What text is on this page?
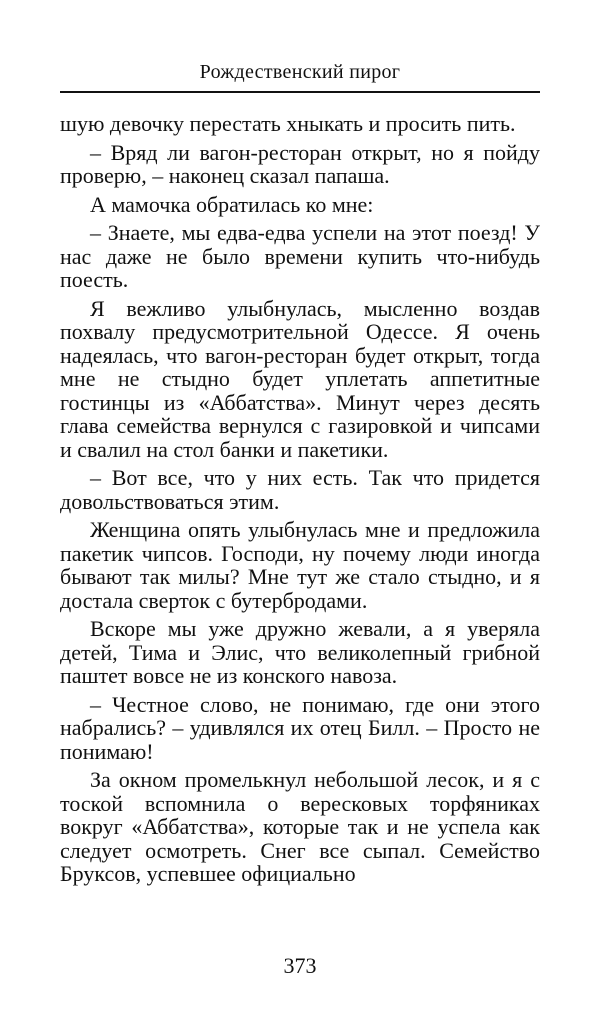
Рождественский пирог

шую девочку перестать хныкать и просить пить.

– Вряд ли вагон-ресторан открыт, но я пойду проверю, – наконец сказал папаша.

А мамочка обратилась ко мне:

– Знаете, мы едва-едва успели на этот поезд! У нас даже не было времени купить что-нибудь поесть.

Я вежливо улыбнулась, мысленно воздав похвалу предусмотрительной Одессе. Я очень надеялась, что вагон-ресторан будет открыт, тогда мне не стыдно будет уплетать аппетитные гостинцы из «Аббатства». Минут через десять глава семейства вернулся с газировкой и чипсами и свалил на стол банки и пакетики.

– Вот все, что у них есть. Так что придется довольствоваться этим.

Женщина опять улыбнулась мне и предложила пакетик чипсов. Господи, ну почему люди иногда бывают так милы? Мне тут же стало стыдно, и я достала сверток с бутербродами.

Вскоре мы уже дружно жевали, а я уверяла детей, Тима и Элис, что великолепный грибной паштет вовсе не из конского навоза.

– Честное слово, не понимаю, где они этого набрались? – удивлялся их отец Билл. – Просто не понимаю!

За окном промелькнул небольшой лесок, и я с тоской вспомнила о вересковых торфяниках вокруг «Аббатства», которые так и не успела как следует осмотреть. Снег все сыпал. Семейство Бруксов, успевшее официально

373
